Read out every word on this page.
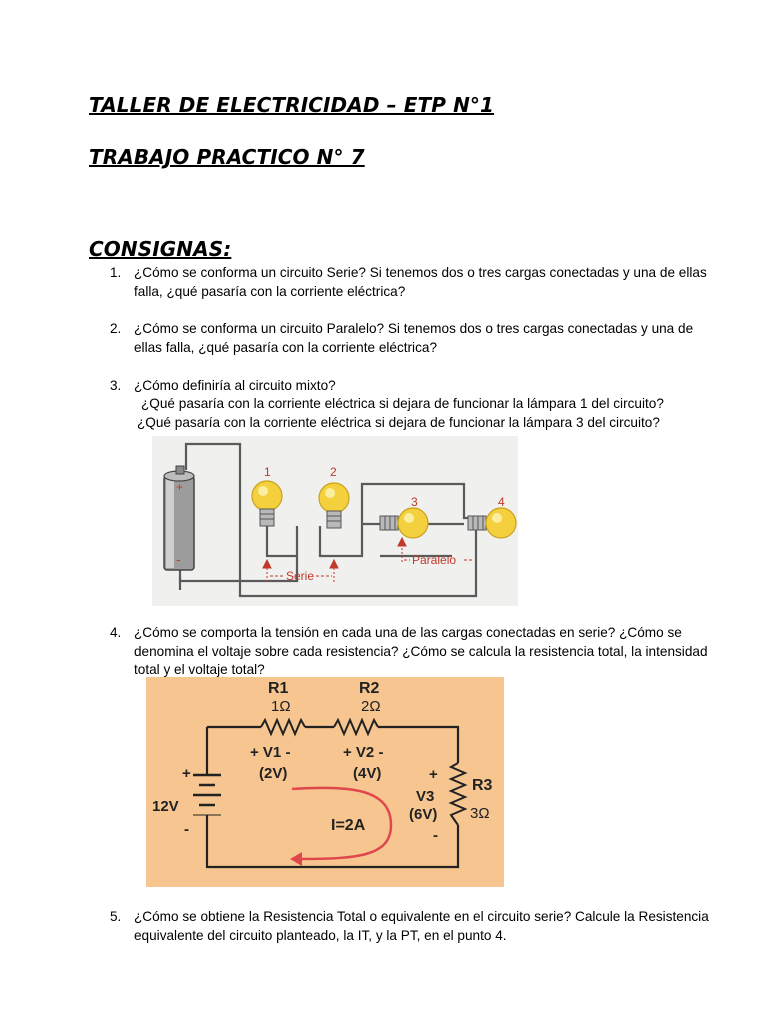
TALLER DE ELECTRICIDAD – ETP N°1
TRABAJO PRACTICO N° 7
CONSIGNAS:
1. ¿Cómo se conforma un circuito Serie? Si tenemos dos o tres cargas conectadas y una de ellas falla, ¿qué pasaría con la corriente eléctrica?
2. ¿Cómo se conforma un circuito Paralelo? Si tenemos dos o tres cargas conectadas y una de ellas falla, ¿qué pasaría con la corriente eléctrica?
3. ¿Cómo definiría al circuito mixto?
¿Qué pasaría con la corriente eléctrica si dejara de funcionar la lámpara 1 del circuito?
¿Qué pasaría con la corriente eléctrica si dejara de funcionar la lámpara 3 del circuito?
+
-
1	2
3	4
Serie
Paralelo
4. ¿Cómo se comporta la tensión en cada una de las cargas conectadas en serie? ¿Cómo se denomina el voltaje sobre cada resistencia? ¿Cómo se calcula la resistencia total, la intensidad total y el voltaje total?
R1
1Ω
R2
2Ω
+ V1 -
(2V)
+ V2 -
(4V)	+
V3
(6V)
-
R3
3Ω
+
12V
-	I=2A
5. ¿Cómo se obtiene la Resistencia Total o equivalente en el circuito serie? Calcule la Resistencia equivalente del circuito planteado, la IT, y la PT, en el punto 4.
